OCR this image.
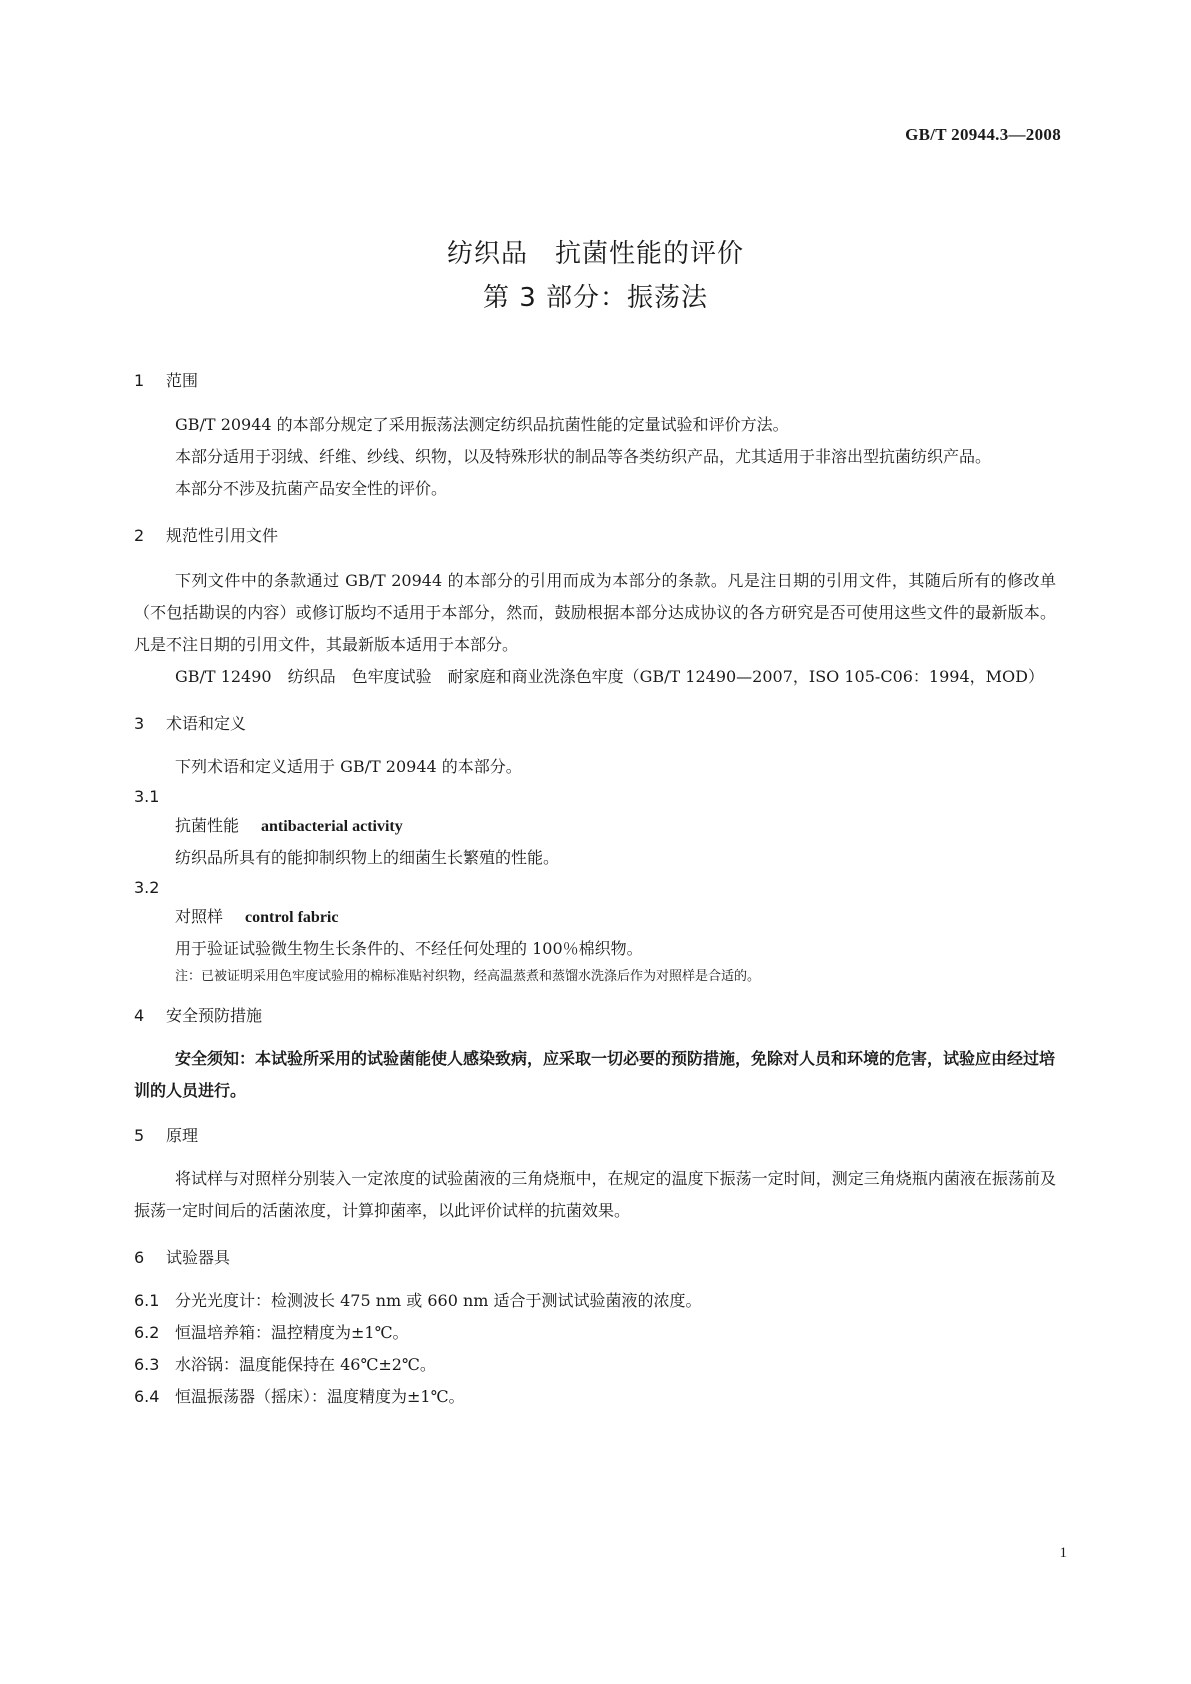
GB/T 20944.3—2008

纺织品　抗菌性能的评价

第 3 部分：振荡法

1 范围

GB/T 20944 的本部分规定了采用振荡法测定纺织品抗菌性能的定量试验和评价方法。

本部分适用于羽绒、纤维、纱线、织物，以及特殊形状的制品等各类纺织产品，尤其适用于非溶出型抗菌纺织产品。

本部分不涉及抗菌产品安全性的评价。

2 规范性引用文件

下列文件中的条款通过 GB/T 20944 的本部分的引用而成为本部分的条款。凡是注日期的引用文件，其随后所有的修改单（不包括勘误的内容）或修订版均不适用于本部分，然而，鼓励根据本部分达成协议的各方研究是否可使用这些文件的最新版本。凡是不注日期的引用文件，其最新版本适用于本部分。

GB/T 12490　纺织品　色牢度试验　耐家庭和商业洗涤色牢度（GB/T 12490—2007，ISO 105-C06：1994，MOD）

3 术语和定义

下列术语和定义适用于 GB/T 20944 的本部分。

3.1

抗菌性能 antibacterial activity

纺织品所具有的能抑制织物上的细菌生长繁殖的性能。

3.2

对照样 control fabric

用于验证试验微生物生长条件的、不经任何处理的 100％棉织物。

注：已被证明采用色牢度试验用的棉标准贴衬织物，经高温蒸煮和蒸馏水洗涤后作为对照样是合适的。

4 安全预防措施

安全须知：本试验所采用的试验菌能使人感染致病，应采取一切必要的预防措施，免除对人员和环境的危害，试验应由经过培训的人员进行。

5 原理

将试样与对照样分别装入一定浓度的试验菌液的三角烧瓶中，在规定的温度下振荡一定时间，测定三角烧瓶内菌液在振荡前及振荡一定时间后的活菌浓度，计算抑菌率，以此评价试样的抗菌效果。

6 试验器具

6.1 分光光度计：检测波长 475 nm 或 660 nm 适合于测试试验菌液的浓度。

6.2 恒温培养箱：温控精度为±1℃。

6.3 水浴锅：温度能保持在 46℃±2℃。

6.4 恒温振荡器（摇床）：温度精度为±1℃。

1
